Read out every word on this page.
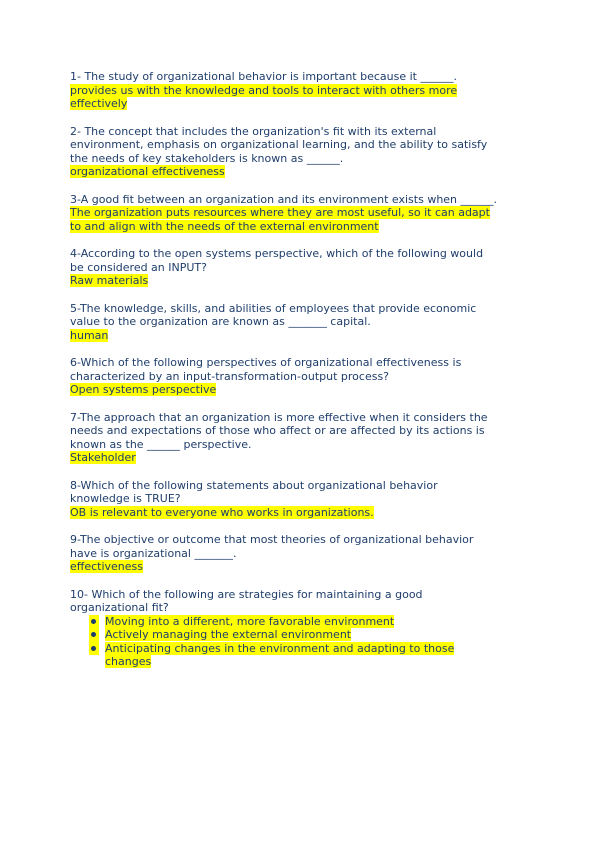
1- The study of organizational behavior is important because it ______.
provides us with the knowledge and tools to interact with others more
effectively
2- The concept that includes the organization's fit with its external
environment, emphasis on organizational learning, and the ability to satisfy
the needs of key stakeholders is known as ______.
organizational effectiveness
3-A good fit between an organization and its environment exists when ______.
The organization puts resources where they are most useful, so it can adapt
to and align with the needs of the external environment
4-According to the open systems perspective, which of the following would
be considered an INPUT?
Raw materials
5-The knowledge, skills, and abilities of employees that provide economic
value to the organization are known as _______ capital.
human
6-Which of the following perspectives of organizational effectiveness is
characterized by an input-transformation-output process?
Open systems perspective
7-The approach that an organization is more effective when it considers the
needs and expectations of those who affect or are affected by its actions is
known as the ______ perspective.
Stakeholder
8-Which of the following statements about organizational behavior
knowledge is TRUE?
OB is relevant to everyone who works in organizations.
9-The objective or outcome that most theories of organizational behavior
have is organizational _______.
effectiveness
10- Which of the following are strategies for maintaining a good
organizational fit?
Moving into a different, more favorable environment
Actively managing the external environment
Anticipating changes in the environment and adapting to those
changes
